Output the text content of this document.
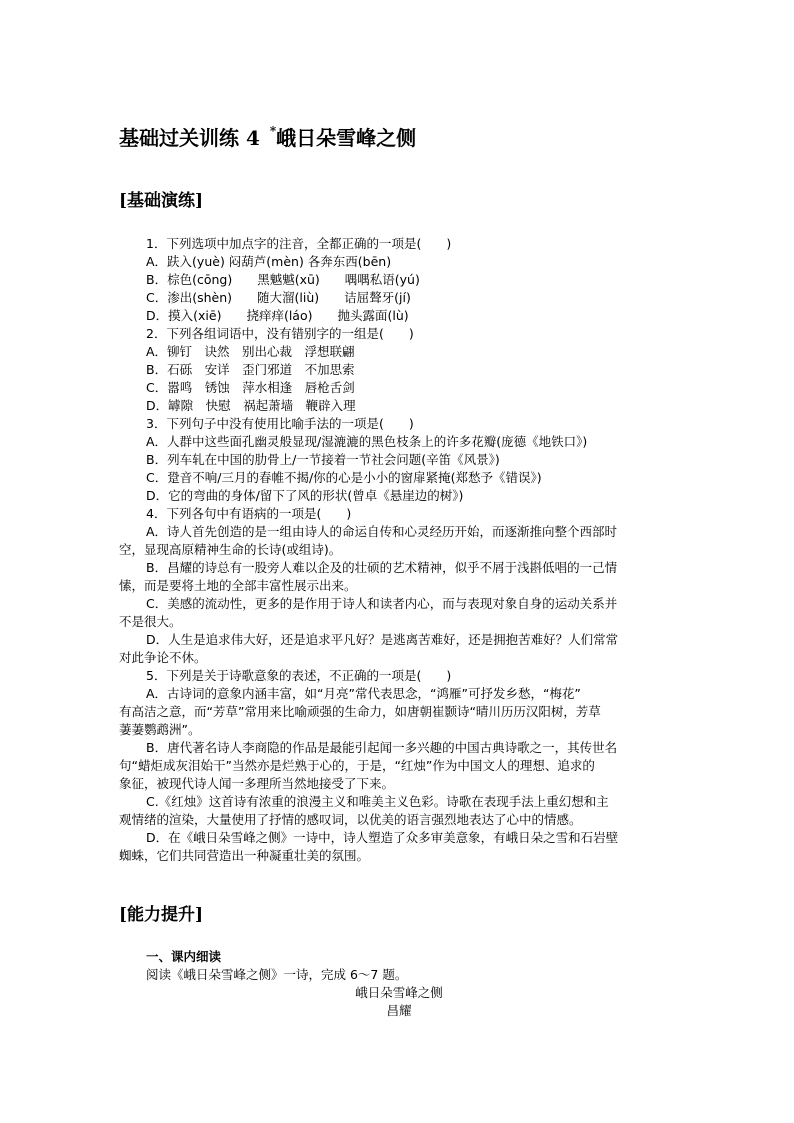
基础过关训练 4 *峨日朵雪峰之侧
[基础演练]
1．下列选项中加点字的注音，全都正确的一项是(　　)
A．趺入(yuè) 闷葫芦(mèn) 各奔东西(bēn)
B．棕色(cōng)　　黑魆魆(xū)　　喁喁私语(yú)
C．渗出(shèn)　　随大溜(liù)　　诘屈聱牙(jí)
D．摸入(xiē)　　挠痒痒(láo)　　抛头露面(lù)
2．下列各组词语中，没有错别字的一组是(　　)
A．铆钉　诀然　别出心裁　浮想联翩
B．石砾　安详　歪门邪道　不加思索
C．嚣鸣　锈蚀　萍水相逢　唇枪舌剑
D．罅隙　快慰　祸起萧墙　鞭辟入理
3．下列句子中没有使用比喻手法的一项是(　　)
A．人群中这些面孔幽灵般显现/湿漉漉的黑色枝条上的许多花瓣(庞德《地铁口》)
B．列车轧在中国的肋骨上/一节接着一节社会问题(辛笛《风景》)
C．跫音不响/三月的春帷不揭/你的心是小小的窗扉紧掩(郑愁予《错误》)
D．它的弯曲的身体/留下了风的形状(曾卓《悬崖边的树》)
4．下列各句中有语病的一项是(　　)
A．诗人首先创造的是一组由诗人的命运自传和心灵经历开始，而逐渐推向整个西部时
空，显现高原精神生命的长诗(或组诗)。
B．昌耀的诗总有一股旁人难以企及的壮硕的艺术精神，似乎不屑于浅斟低唱的一己情
愫，而是要将土地的全部丰富性展示出来。
C．美感的流动性，更多的是作用于诗人和读者内心，而与表现对象自身的运动关系并
不是很大。
D．人生是追求伟大好，还是追求平凡好？是逃离苦难好，还是拥抱苦难好？人们常常
对此争论不休。
5．下列是关于诗歌意象的表述，不正确的一项是(　　)
A．古诗词的意象内涵丰富，如“月亮”常代表思念，“鸿雁”可抒发乡愁，“梅花”
有高洁之意，而“芳草”常用来比喻顽强的生命力，如唐朝崔颢诗“晴川历历汉阳树，芳草
萋萋鹦鹉洲”。
B．唐代著名诗人李商隐的作品是最能引起闻一多兴趣的中国古典诗歌之一，其传世名
句“蜡炬成灰泪始干”当然亦是烂熟于心的，于是，“红烛”作为中国文人的理想、追求的
象征，被现代诗人闻一多理所当然地接受了下来。
C.《红烛》这首诗有浓重的浪漫主义和唯美主义色彩。诗歌在表现手法上重幻想和主
观情绪的渲染，大量使用了抒情的感叹词，以优美的语言强烈地表达了心中的情感。
D．在《峨日朵雪峰之侧》一诗中，诗人塑造了众多审美意象，有峨日朵之雪和石岩壁
蜘蛛，它们共同营造出一种凝重壮美的氛围。
[能力提升]
一、课内细读
阅读《峨日朵雪峰之侧》一诗，完成 6～7 题。
峨日朵雪峰之侧
昌耀
